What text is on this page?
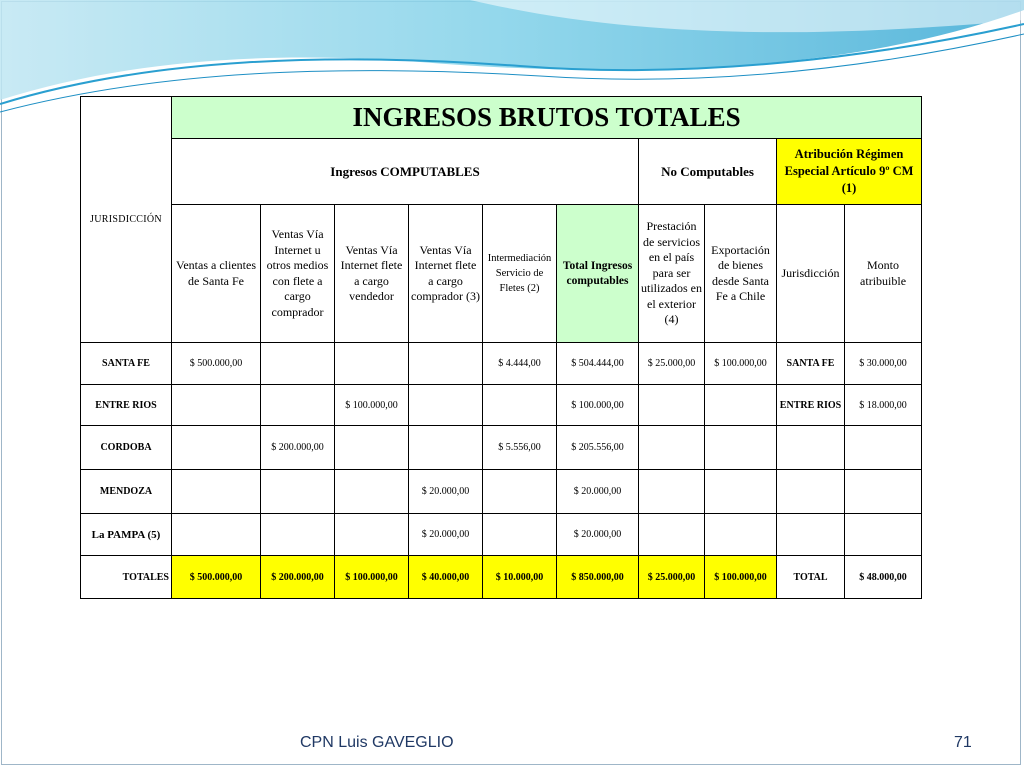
JURISDICCIÓN	INGRESOS BRUTOS TOTALES									
	Ingresos COMPUTABLES						No Computables		Atribución Régimen Especial Artículo 9º CM (1)	
	Ventas a clientes de Santa Fe	Ventas Vía Internet u otros medios con flete a cargo comprador	Ventas Vía Internet flete a cargo vendedor	Ventas Vía Internet flete a cargo comprador (3)	Intermediación Servicio de Fletes (2)	Total Ingresos computables	Prestación de servicios en el país para ser utilizados en el exterior (4)	Exportación de bienes desde Santa Fe a Chile	Jurisdicción	Monto atribuible
SANTA FE	$ 500.000,00				$ 4.444,00	$ 504.444,00	$ 25.000,00	$ 100.000,00	SANTA FE	$ 30.000,00
ENTRE RIOS			$ 100.000,00			$ 100.000,00			ENTRE RIOS	$ 18.000,00
CORDOBA		$ 200.000,00			$ 5.556,00	$ 205.556,00				
MENDOZA				$ 20.000,00		$ 20.000,00				
La PAMPA (5)				$ 20.000,00		$ 20.000,00				
TOTALES	$ 500.000,00	$ 200.000,00	$ 100.000,00	$ 40.000,00	$ 10.000,00	$ 850.000,00	$ 25.000,00	$ 100.000,00	TOTAL	$ 48.000,00
CPN Luis GAVEGLIO	71
